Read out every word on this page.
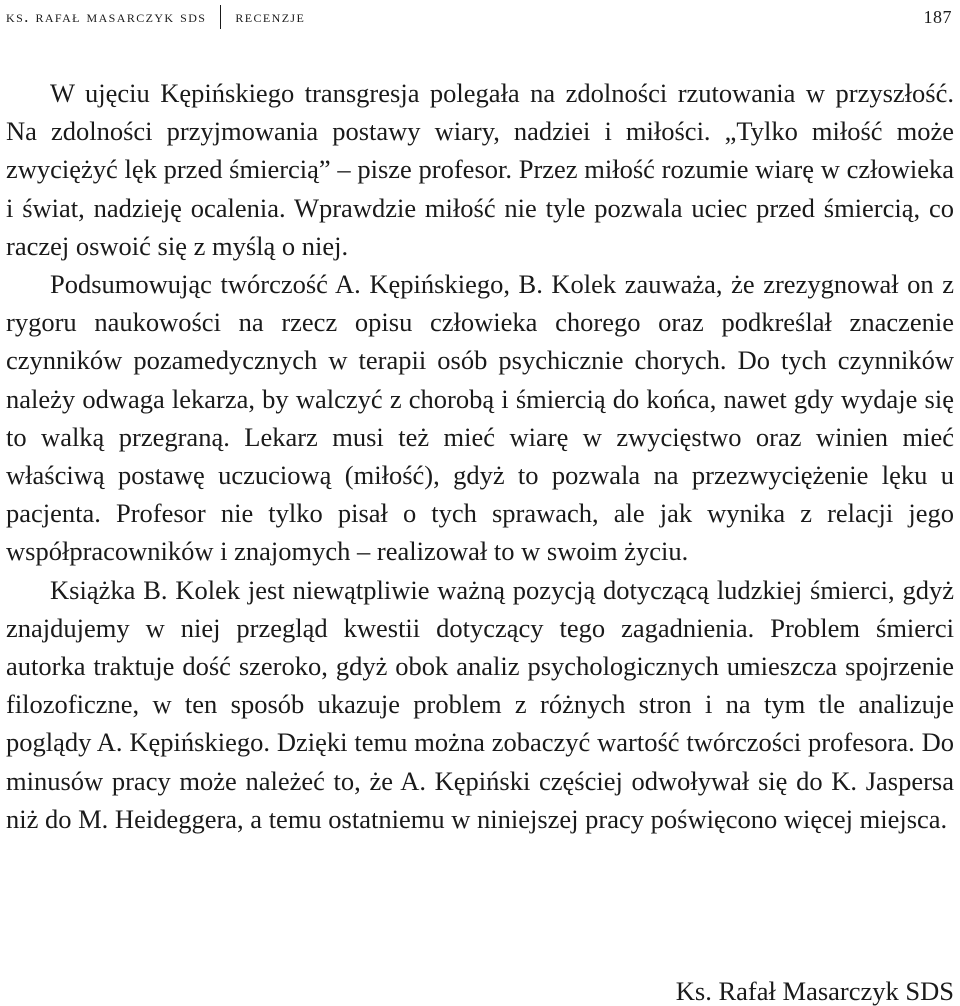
ks. rafał masarczyk sds recenzje	187

W ujęciu Kępińskiego transgresja polegała na zdolności rzutowania w przyszłość. Na zdolności przyjmowania postawy wiary, nadziei i miłości. „Tylko miłość może zwyciężyć lęk przed śmiercią” – pisze profesor. Przez miłość rozumie wiarę w człowieka i świat, nadzieję ocalenia. Wprawdzie miłość nie tyle pozwala uciec przed śmiercią, co raczej oswoić się z myślą o niej.

Podsumowując twórczość A. Kępińskiego, B. Kolek zauważa, że zrezygnował on z rygoru naukowości na rzecz opisu człowieka chorego oraz podkreślał znaczenie czynników pozamedycznych w terapii osób psychicznie chorych. Do tych czynników należy odwaga lekarza, by walczyć z chorobą i śmiercią do końca, nawet gdy wydaje się to walką przegraną. Lekarz musi też mieć wiarę w zwycięstwo oraz winien mieć właściwą postawę uczuciową (miłość), gdyż to pozwala na przezwyciężenie lęku u pacjenta. Profesor nie tylko pisał o tych sprawach, ale jak wynika z relacji jego współpracowników i znajomych – realizował to w swoim życiu.

Książka B. Kolek jest niewątpliwie ważną pozycją dotyczącą ludzkiej śmierci, gdyż znajdujemy w niej przegląd kwestii dotyczący tego zagadnienia. Problem śmierci autorka traktuje dość szeroko, gdyż obok analiz psychologicznych umieszcza spojrzenie filozoficzne, w ten sposób ukazuje problem z różnych stron i na tym tle analizuje poglądy A. Kępińskiego. Dzięki temu można zobaczyć wartość twórczości profesora. Do minusów pracy może należeć to, że A. Kępiński częściej odwoływał się do K. Jaspersa niż do M. Heideggera, a temu ostatniemu w niniejszej pracy poświęcono więcej miejsca.

Ks. Rafał Masarczyk SDS
